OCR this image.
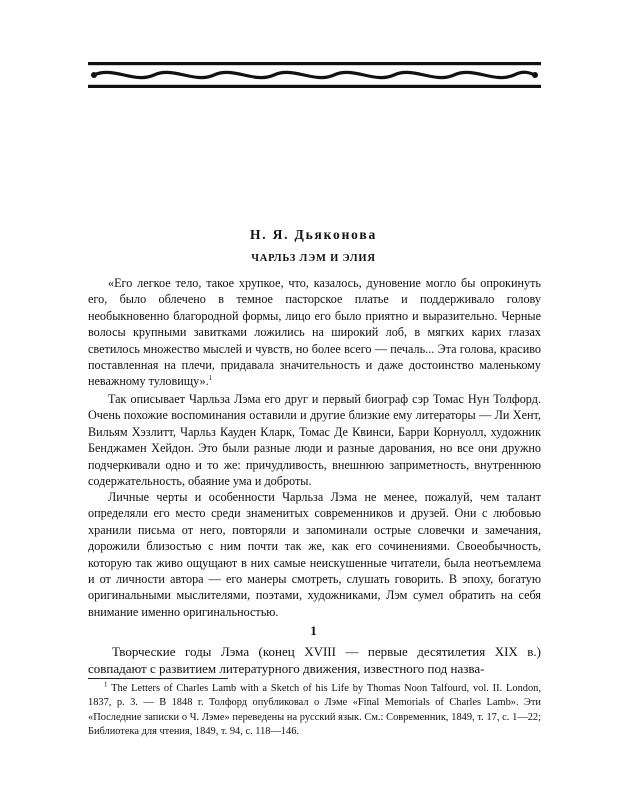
Н. Я. Дьяконова
ЧАРЛЬЗ ЛЭМ И ЭЛИЯ

«Его легкое тело, такое хрупкое, что, казалось, дуновение могло бы опрокинуть его, было облечено в темное пасторское платье и поддерживало голову необыкновенно благородной формы, лицо его было приятно и выразительно. Черные волосы крупными завитками ложились на широкий лоб, в мягких карих глазах светилось множество мыслей и чувств, но более всего — печаль... Эта голова, красиво поставленная на плечи, придавала значительность и даже достоинство маленькому неважному туловищу».$^1$

Так описывает Чарльза Лэма его друг и первый биограф сэр Томас Нун Толфорд. Очень похожие воспоминания оставили и другие близкие ему литераторы — Ли Хент, Вильям Хэзлитт, Чарльз Кауден Кларк, Томас Де Квинси, Барри Корнуолл, художник Бенджамен Хейдон. Это были разные люди и разные дарования, но все они дружно подчеркивали одно и то же: причудливость, внешнюю заприметность, внутреннюю содержательность, обаяние ума и доброты.

Личные черты и особенности Чарльза Лэма не менее, пожалуй, чем талант определяли его место среди знаменитых современников и друзей. Они с любовью хранили письма от него, повторяли и запоминали острые словечки и замечания, дорожили близостью с ним почти так же, как его сочинениями. Своеобычность, которую так живо ощущают в них самые неискушенные читатели, была неотъемлема и от личности автора — его манеры смотреть, слушать говорить. В эпоху, богатую оригинальными мыслителями, поэтами, художниками, Лэм сумел обратить на себя внимание именно оригинальностью.

1

Творческие годы Лэма (конец XVIII — первые десятилетия XIX в.) совпадают с развитием литературного движения, известного под назва-

$^1$ The Letters of Charles Lamb with a Sketch of his Life by Thomas Noon Talfourd, vol. II. London, 1837, p. 3. — В 1848 г. Толфорд опубликовал о Лэме «Final Memorials of Charles Lamb». Эти «Последние записки о Ч. Лэме» переведены на русский язык. См.: Современник, 1849, т. 17, с. 1—22; Библиотека для чтения, 1849, т. 94, с. 118—146.
